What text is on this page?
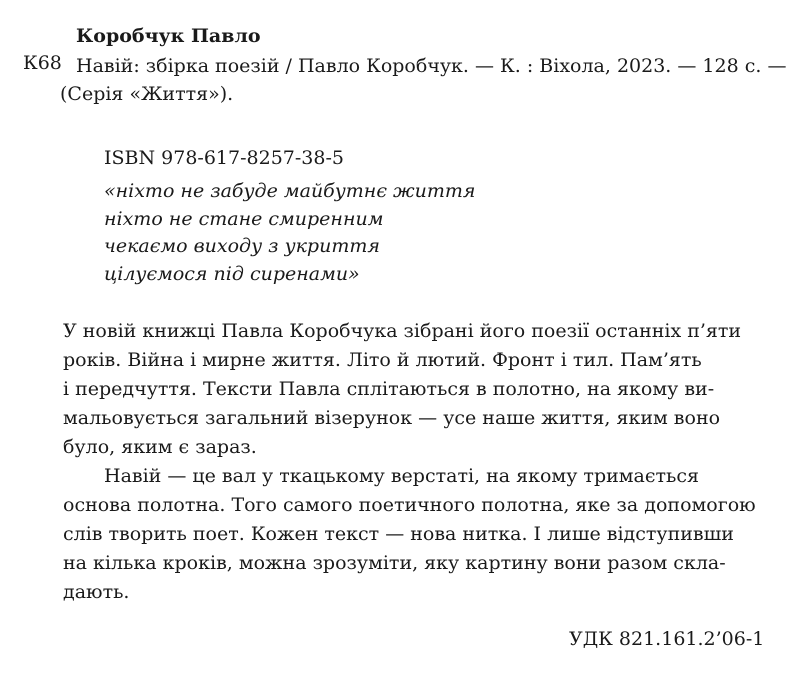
Коробчук Павло
К68 Навій: збірка поезій / Павло Коробчук. — К. : Віхола, 2023. — 128 с. —
(Серія «Життя»).
ISBN 978-617-8257-38-5
«ніхто не забуде майбутнє життя
ніхто не стане смиренним
чекаємо виходу з укриття
цілуємося під сиренами»
У новій книжці Павла Коробчука зібрані його поезії останніх п’яти
років. Війна і мирне життя. Літо й лютий. Фронт і тил. Пам’ять
і передчуття. Тексти Павла сплітаються в полотно, на якому ви-
мальовується загальний візерунок — усе наше життя, яким воно
було, яким є зараз.
Навій — це вал у ткацькому верстаті, на якому тримається
основа полотна. Того самого поетичного полотна, яке за допомогою
слів творить поет. Кожен текст — нова нитка. І лише відступивши
на кілька кроків, можна зрозуміти, яку картину вони разом скла-
дають.
УДК 821.161.2’06-1
